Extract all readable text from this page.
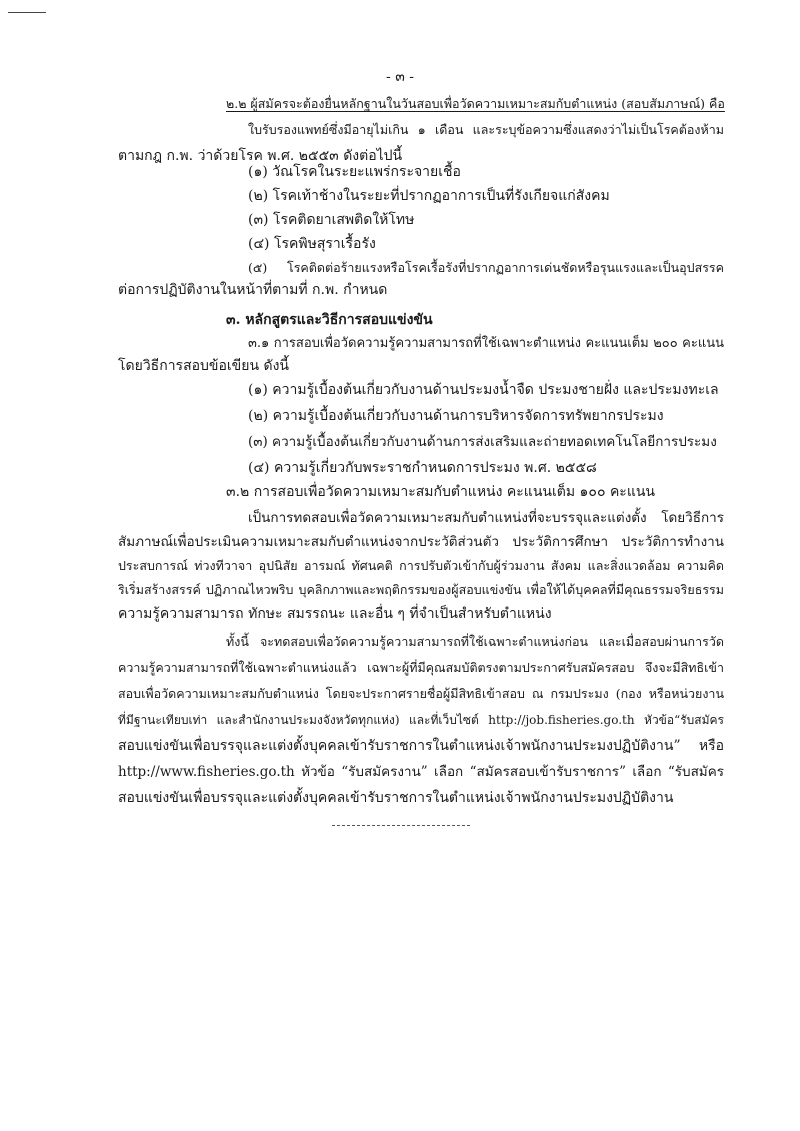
- ๓ -
๒.๒ ผู้สมัครจะต้องยื่นหลักฐานในวันสอบเพื่อวัดความเหมาะสมกับตำแหน่ง (สอบสัมภาษณ์) คือ
ใบรับรองแพทย์ซึ่งมีอายุไม่เกิน ๑ เดือน และระบุข้อความซึ่งแสดงว่าไม่เป็นโรคต้องห้าม
ตามกฎ ก.พ. ว่าด้วยโรค พ.ศ. ๒๕๕๓ ดังต่อไปนี้
(๑) วัณโรคในระยะแพร่กระจายเชื้อ
(๒) โรคเท้าช้างในระยะที่ปรากฏอาการเป็นที่รังเกียจแก่สังคม
(๓) โรคติดยาเสพติดให้โทษ
(๔) โรคพิษสุราเรื้อรัง
(๕) โรคติดต่อร้ายแรงหรือโรคเรื้อรังที่ปรากฏอาการเด่นชัดหรือรุนแรงและเป็นอุปสรรค
ต่อการปฏิบัติงานในหน้าที่ตามที่ ก.พ. กำหนด
๓. หลักสูตรและวิธีการสอบแข่งขัน
๓.๑ การสอบเพื่อวัดความรู้ความสามารถที่ใช้เฉพาะตำแหน่ง คะแนนเต็ม ๒๐๐ คะแนน
โดยวิธีการสอบข้อเขียน ดังนี้
(๑) ความรู้เบื้องต้นเกี่ยวกับงานด้านประมงน้ำจืด ประมงชายฝั่ง และประมงทะเล
(๒) ความรู้เบื้องต้นเกี่ยวกับงานด้านการบริหารจัดการทรัพยากรประมง
(๓) ความรู้เบื้องต้นเกี่ยวกับงานด้านการส่งเสริมและถ่ายทอดเทคโนโลยีการประมง
(๔) ความรู้เกี่ยวกับพระราชกำหนดการประมง พ.ศ. ๒๕๕๘
๓.๒ การสอบเพื่อวัดความเหมาะสมกับตำแหน่ง คะแนนเต็ม ๑๐๐ คะแนน
เป็นการทดสอบเพื่อวัดความเหมาะสมกับตำแหน่งที่จะบรรจุและแต่งตั้ง โดยวิธีการ
สัมภาษณ์เพื่อประเมินความเหมาะสมกับตำแหน่งจากประวัติส่วนตัว ประวัติการศึกษา ประวัติการทำงาน
ประสบการณ์ ท่วงทีวาจา อุปนิสัย อารมณ์ ทัศนคติ การปรับตัวเข้ากับผู้ร่วมงาน สังคม และสิ่งแวดล้อม ความคิด
ริเริ่มสร้างสรรค์ ปฏิภาณไหวพริบ บุคลิกภาพและพฤติกรรมของผู้สอบแข่งขัน เพื่อให้ได้บุคคลที่มีคุณธรรมจริยธรรม
ความรู้ความสามารถ ทักษะ สมรรถนะ และอื่น ๆ ที่จำเป็นสำหรับตำแหน่ง
ทั้งนี้ จะทดสอบเพื่อวัดความรู้ความสามารถที่ใช้เฉพาะตำแหน่งก่อน และเมื่อสอบผ่านการวัด
ความรู้ความสามารถที่ใช้เฉพาะตำแหน่งแล้ว เฉพาะผู้ที่มีคุณสมบัติตรงตามประกาศรับสมัครสอบ จึงจะมีสิทธิเข้า
สอบเพื่อวัดความเหมาะสมกับตำแหน่ง โดยจะประกาศรายชื่อผู้มีสิทธิเข้าสอบ ณ กรมประมง (กอง หรือหน่วยงาน
ที่มีฐานะเทียบเท่า และสำนักงานประมงจังหวัดทุกแห่ง) และที่เว็บไซต์ http://job.fisheries.go.th หัวข้อ“รับสมัคร
สอบแข่งขันเพื่อบรรจุและแต่งตั้งบุคคลเข้ารับราชการในตำแหน่งเจ้าพนักงานประมงปฏิบัติงาน” หรือ
http://www.fisheries.go.th หัวข้อ “รับสมัครงาน” เลือก “สมัครสอบเข้ารับราชการ” เลือก “รับสมัคร
สอบแข่งขันเพื่อบรรจุและแต่งตั้งบุคคลเข้ารับราชการในตำแหน่งเจ้าพนักงานประมงปฏิบัติงาน
